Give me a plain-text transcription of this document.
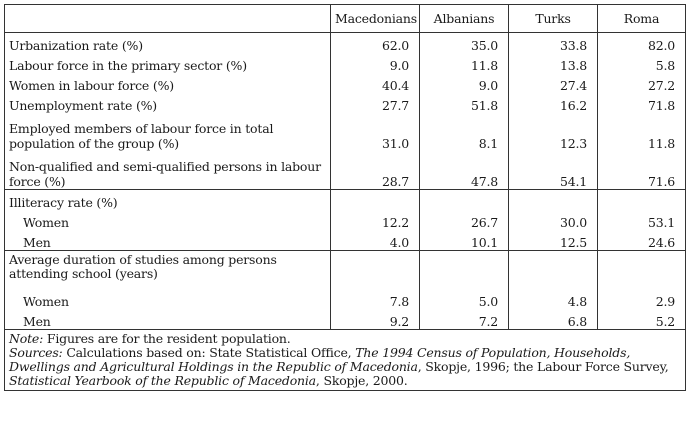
	Macedonians	Albanians	Turks	Roma
Urbanization rate (%)	62.0	35.0	33.8	82.0
Labour force in the primary sector (%)	9.0	11.8	13.8	5.8
Women in labour force (%)	40.4	9.0	27.4	27.2
Unemployment rate (%)	27.7	51.8	16.2	71.8
Employed members of labour force in total population of the group (%)	31.0	8.1	12.3	11.8
Non-qualified and semi-qualified persons in labour force (%)	28.7	47.8	54.1	71.6
Illiteracy rate (%)				
Women	12.2	26.7	30.0	53.1
Men	4.0	10.1	12.5	24.6
Average duration of studies among persons attending school (years)				
Women	7.8	5.0	4.8	2.9
Men	9.2	7.2	6.8	5.2

Note: Figures are for the resident population.
Sources: Calculations based on: State Statistical Office, The 1994 Census of Population, Households, Dwellings and Agricultural Holdings in the Republic of Macedonia, Skopje, 1996; the Labour Force Survey, Statistical Yearbook of the Republic of Macedonia, Skopje, 2000.				
